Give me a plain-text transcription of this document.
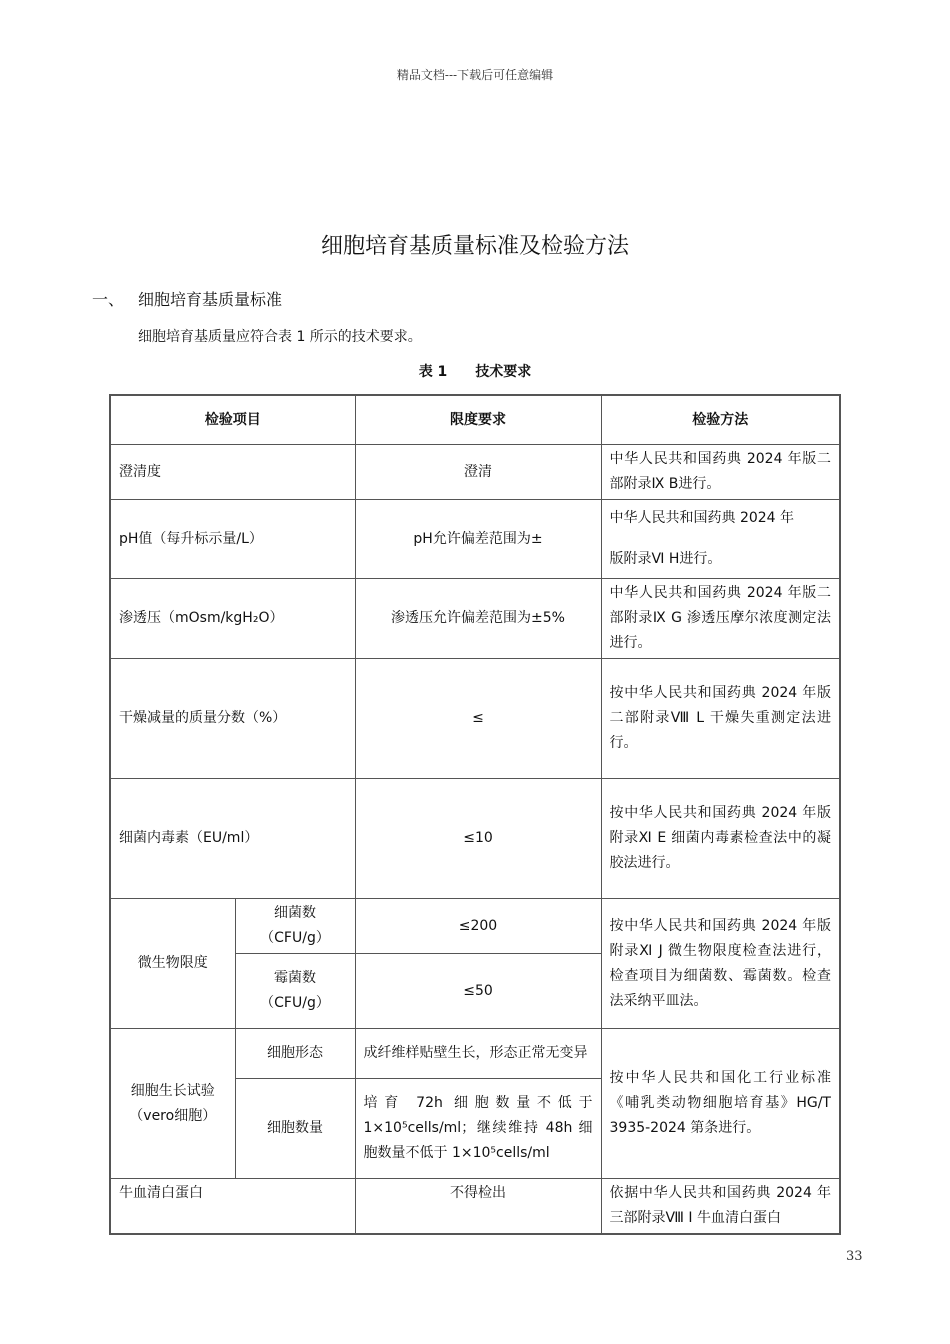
精品文档---下载后可任意编辑
细胞培育基质量标准及检验方法
一、 细胞培育基质量标准
细胞培育基质量应符合表 1 所示的技术要求。
表 1 技术要求
检验项目		限度要求	检验方法
澄清度		澄清	中华人民共和国药典 2024 年版二部附录Ⅸ B进行。
pH值（每升标示量/L）		pH允许偏差范围为±	中华人民共和国药典 2024 年
版附录Ⅵ H进行。

渗透压（mOsm/kgH₂O）		渗透压允许偏差范围为±5%	中华人民共和国药典 2024 年版二部附录Ⅸ G 渗透压摩尔浓度测定法进行。
干燥减量的质量分数（%）		≤	按中华人民共和国药典 2024 年版二部附录Ⅷ L 干燥失重测定法进行。
细菌内毒素（EU/ml）		≤10	按中华人民共和国药典 2024 年版附录Ⅺ E 细菌内毒素检查法中的凝胶法进行。
微生物限度	细菌数（CFU/g）	≤200	按中华人民共和国药典 2024 年版附录Ⅺ J 微生物限度检查法进行，检查项目为细菌数、霉菌数。检查法采纳平皿法。
	霉菌数（CFU/g）	≤50	

细胞生长试验
（vero细胞）	细胞形态	成纤维样贴壁生长，形态正常无变异	按中华人民共和国化工行业标准《哺乳类动物细胞培育基》HG/T 3935-2024 第条进行。
	细胞数量	培育 72h 细胞数量不低于 1×10⁵cells/ml；继续维持 48h 细胞数量不低于 1×10⁵cells/ml	
牛血清白蛋白		不得检出	依据中华人民共和国药典 2024 年三部附录Ⅷ I 牛血清白蛋白
33
